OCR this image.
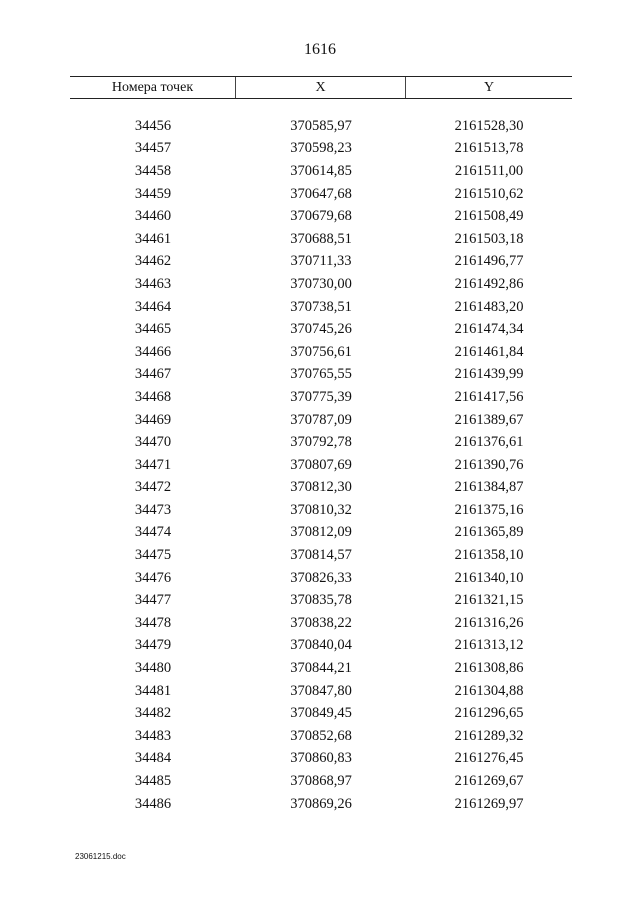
1616
Номера точек	X	Y
34456	370585,97	2161528,30
34457	370598,23	2161513,78
34458	370614,85	2161511,00
34459	370647,68	2161510,62
34460	370679,68	2161508,49
34461	370688,51	2161503,18
34462	370711,33	2161496,77
34463	370730,00	2161492,86
34464	370738,51	2161483,20
34465	370745,26	2161474,34
34466	370756,61	2161461,84
34467	370765,55	2161439,99
34468	370775,39	2161417,56
34469	370787,09	2161389,67
34470	370792,78	2161376,61
34471	370807,69	2161390,76
34472	370812,30	2161384,87
34473	370810,32	2161375,16
34474	370812,09	2161365,89
34475	370814,57	2161358,10
34476	370826,33	2161340,10
34477	370835,78	2161321,15
34478	370838,22	2161316,26
34479	370840,04	2161313,12
34480	370844,21	2161308,86
34481	370847,80	2161304,88
34482	370849,45	2161296,65
34483	370852,68	2161289,32
34484	370860,83	2161276,45
34485	370868,97	2161269,67
34486	370869,26	2161269,97
23061215.doc
